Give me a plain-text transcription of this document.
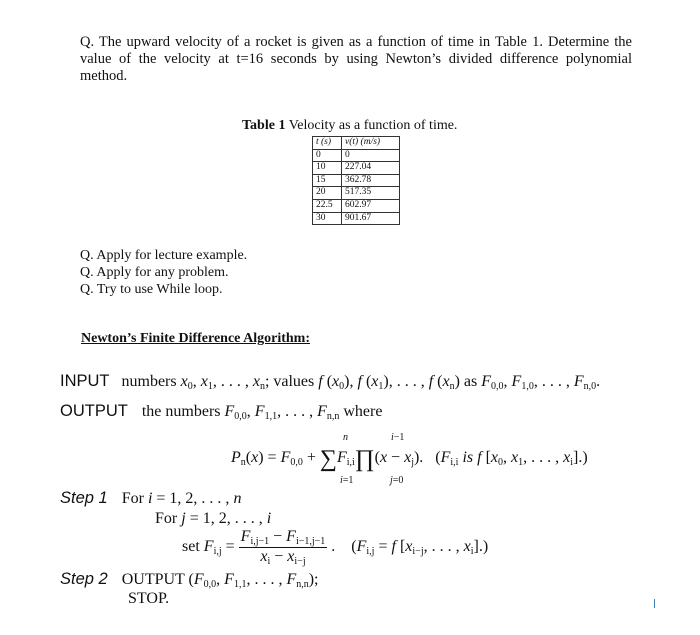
Q. The upward velocity of a rocket is given as a function of time in Table 1. Determine the value of the velocity at t=16 seconds by using Newton’s divided difference polynomial method.
Table 1 Velocity as a function of time.
t (s)	v(t) (m/s)
0	0
10	227.04
15	362.78
20	517.35
22.5	602.97
30	901.67
Q. Apply for lecture example.
Q. Apply for any problem.
Q. Try to use While loop.
Newton’s Finite Difference Algorithm:
INPUT numbers $x_0$, $x_1$, . . . , $x_n$; values f $(x_0)$, f $(x_1)$, . . . , f $(x_n)$ as $F_{0,0}$, $F_{1,0}$, . . . , $F_{n,0}$.
OUTPUT the numbers $F_{0,0}$, $F_{1,1}$, . . . , $F_{n,n}$ where
n	i−1
$P_n(x) = F_{0,0}$ + $\sum F_{i,i}\prod(x - x_j)$.   ($F_{i,i}$ is f [$x_0$, $x_1$, . . . , $x_i$].)
i=1	j=0
Step 1 For i = 1, 2, . . . , n
For j = 1, 2, . . . , i
set $F_{i,j} = \frac{F_{i,j-1} - F_{i-1,j-1}}{x_i - x_{i-j}}$ .    ($F_{i,j} = f$ [$x_{i-j}$, . . . , $x_i$].)
Step 2 OUTPUT ($F_{0,0}$, $F_{1,1}$, . . . , $F_{n,n}$);
STOP.
